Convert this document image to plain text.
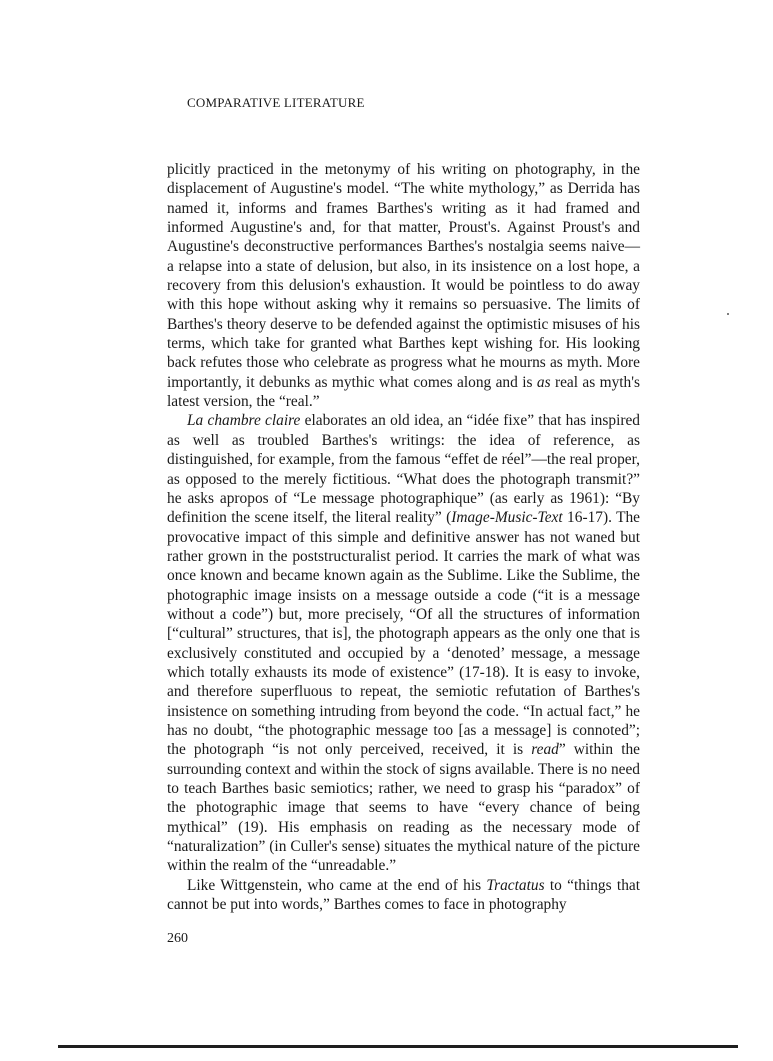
COMPARATIVE LITERATURE

plicitly practiced in the metonymy of his writing on photography, in the displacement of Augustine's model. “The white mythology,” as Derrida has named it, informs and frames Barthes's writing as it had framed and informed Augustine's and, for that matter, Proust's. Against Proust's and Augustine's deconstructive performances Barthes's nostalgia seems naive—a relapse into a state of delusion, but also, in its insistence on a lost hope, a recovery from this delusion's exhaustion. It would be pointless to do away with this hope without asking why it remains so persuasive. The limits of Barthes's theory deserve to be defended against the optimistic misuses of his terms, which take for granted what Barthes kept wishing for. His looking back refutes those who celebrate as progress what he mourns as myth. More importantly, it debunks as mythic what comes along and is as real as myth's latest version, the “real.”

La chambre claire elaborates an old idea, an “idée fixe” that has inspired as well as troubled Barthes's writings: the idea of reference, as distinguished, for example, from the famous “effet de réel”—the real proper, as opposed to the merely fictitious. “What does the photograph transmit?” he asks apropos of “Le message photographique” (as early as 1961): “By definition the scene itself, the literal reality” (Image-Music-Text 16-17). The provocative impact of this simple and definitive answer has not waned but rather grown in the poststructuralist period. It carries the mark of what was once known and became known again as the Sublime. Like the Sublime, the photographic image insists on a message outside a code (“it is a message without a code”) but, more precisely, “Of all the structures of information [“cultural” structures, that is], the photograph appears as the only one that is exclusively constituted and occupied by a ‘denoted’ message, a message which totally exhausts its mode of existence” (17-18). It is easy to invoke, and therefore superfluous to repeat, the semiotic refutation of Barthes's insistence on something intruding from beyond the code. “In actual fact,” he has no doubt, “the photographic message too [as a message] is connoted”; the photograph “is not only perceived, received, it is read” within the surrounding context and within the stock of signs available. There is no need to teach Barthes basic semiotics; rather, we need to grasp his “paradox” of the photographic image that seems to have “every chance of being mythical” (19). His emphasis on reading as the necessary mode of “naturalization” (in Culler's sense) situates the mythical nature of the picture within the realm of the “unreadable.”

Like Wittgenstein, who came at the end of his Tractatus to “things that cannot be put into words,” Barthes comes to face in photography

260
